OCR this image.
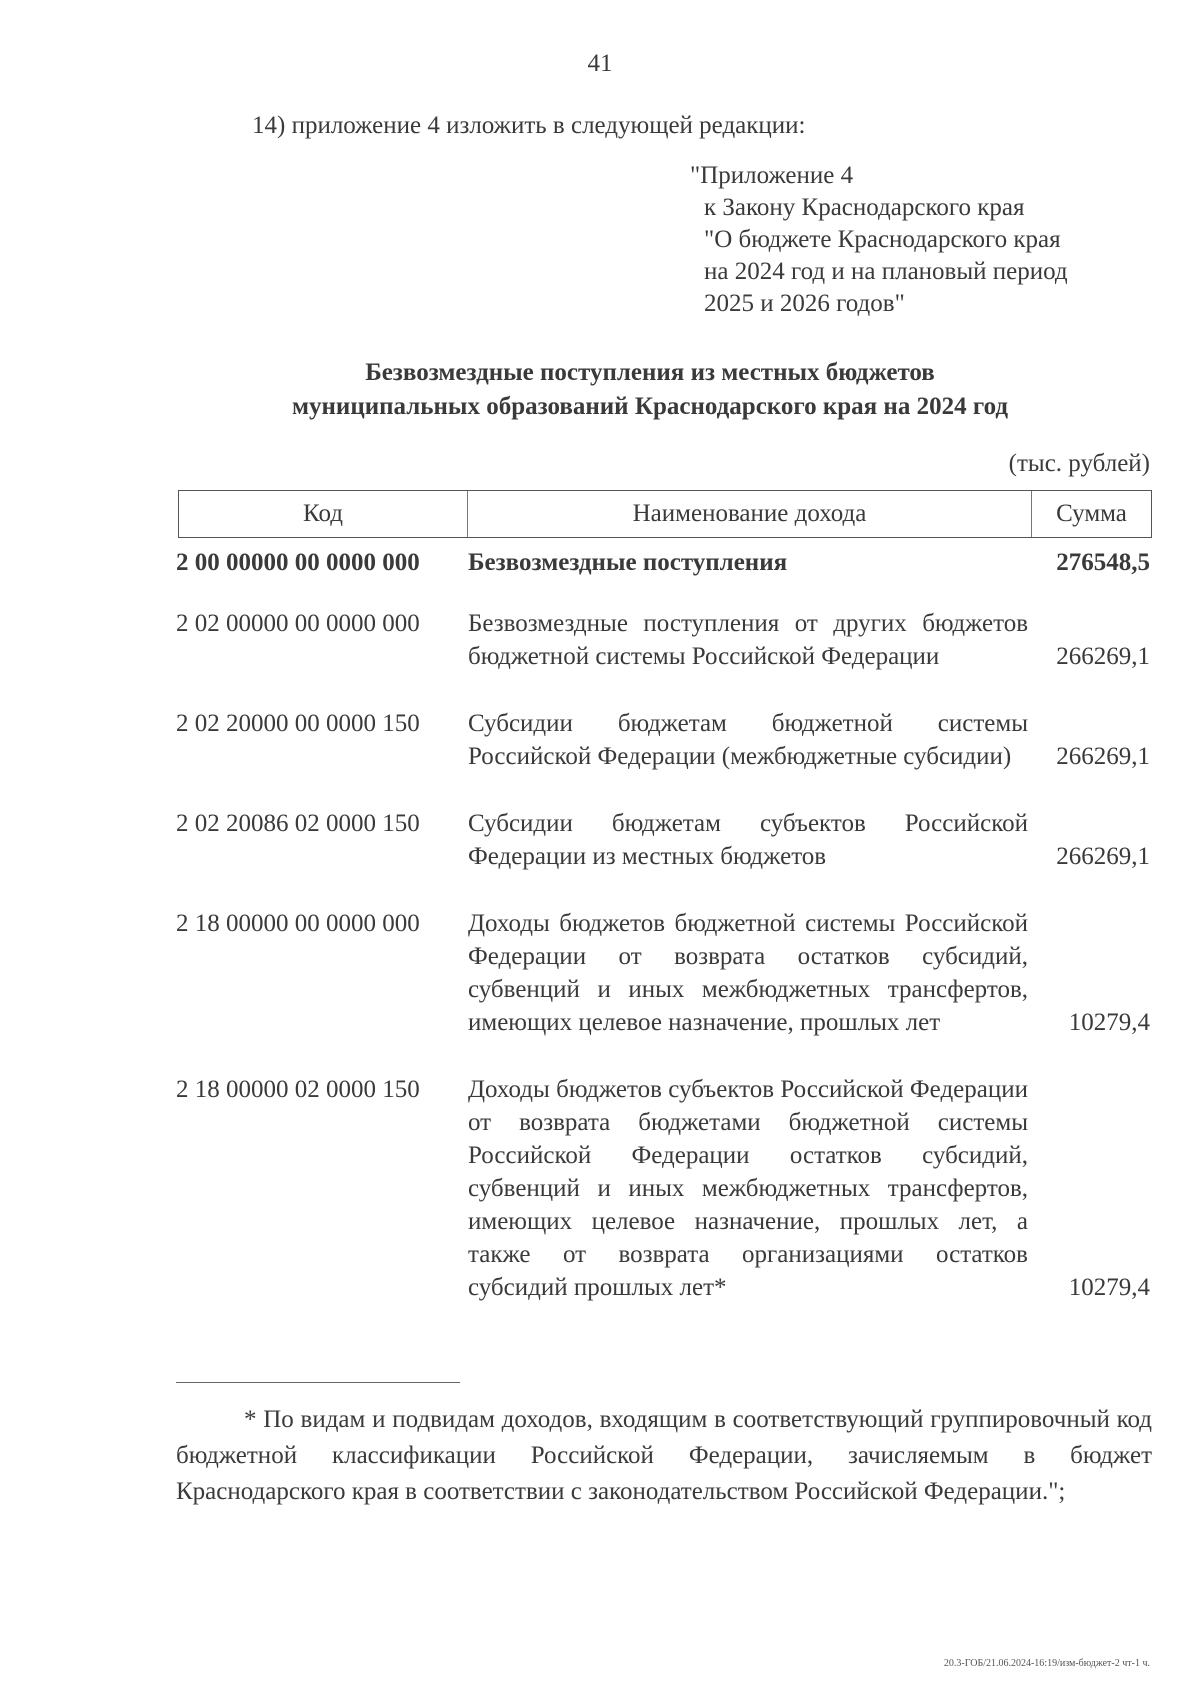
41
14) приложение 4 изложить в следующей редакции:
"Приложение 4
к Закону Краснодарского края
"О бюджете Краснодарского края
на 2024 год и на плановый период
2025 и 2026 годов"
Безвозмездные поступления из местных бюджетов
муниципальных образований Краснодарского края на 2024 год
(тыс. рублей)
Код	Наименование дохода	Сумма
2 00 00000 00 0000 000	Безвозмездные поступления	276548,5
2 02 00000 00 0000 000	Безвозмездные поступления от других бюджетов бюджетной системы Российской Федерации	266269,1
2 02 20000 00 0000 150	Субсидии бюджетам бюджетной системы Российской Федерации (межбюджетные субсидии)	266269,1
2 02 20086 02 0000 150	Субсидии бюджетам субъектов Российской Федерации из местных бюджетов	266269,1
2 18 00000 00 0000 000	Доходы бюджетов бюджетной системы Российской Федерации от возврата остатков субсидий, субвенций и иных межбюджетных трансфертов, имеющих целевое назначение, прошлых лет	10279,4
2 18 00000 02 0000 150	Доходы бюджетов субъектов Российской Федерации от возврата бюджетами бюджетной системы Российской Федерации остатков субсидий, субвенций и иных межбюджетных трансфертов, имеющих целевое назначение, прошлых лет, а также от возврата организациями остатков субсидий прошлых лет*	10279,4
* По видам и подвидам доходов, входящим в соответствующий группировочный код бюджетной классификации Российской Федерации, зачисляемым в бюджет Краснодарского края в соответствии с законодательством Российской Федерации.";
20.3-ГОБ/21.06.2024-16:19/изм-бюджет-2 чт-1 ч.
